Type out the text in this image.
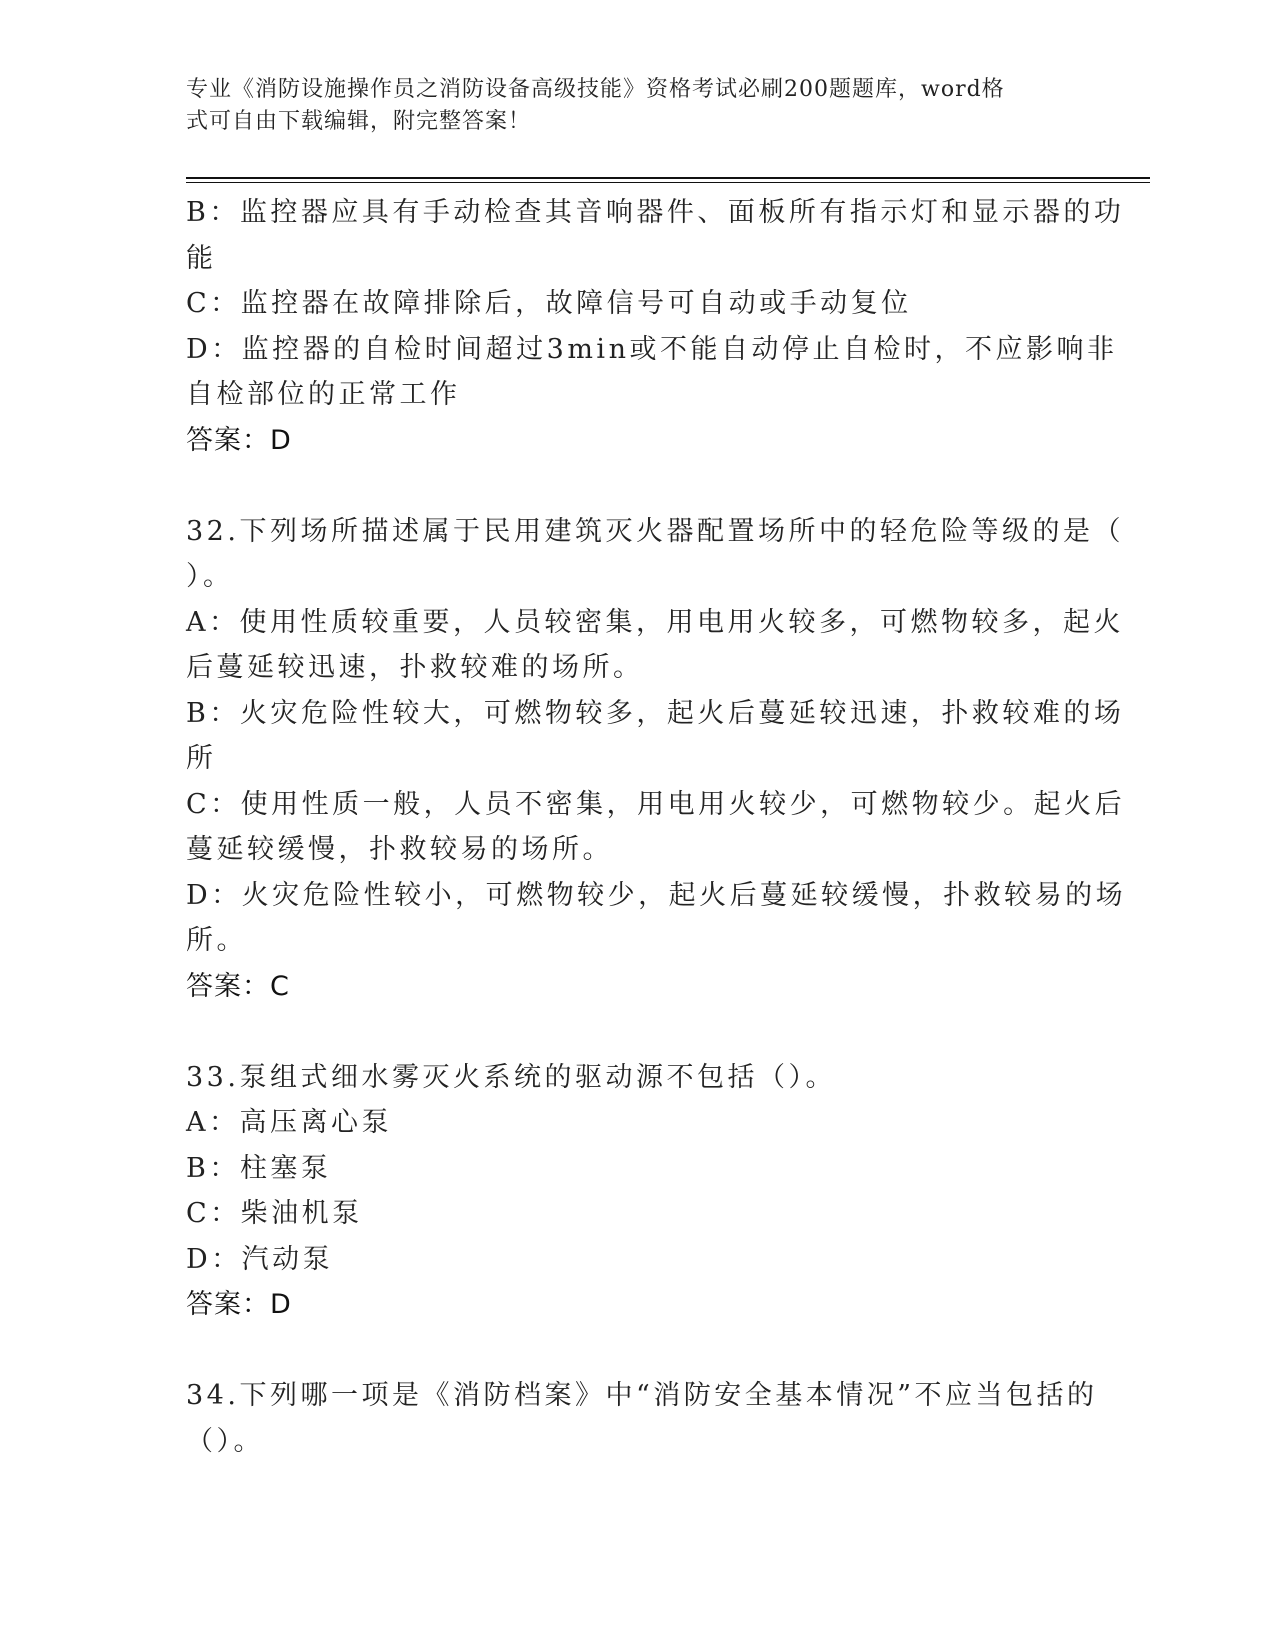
专业《消防设施操作员之消防设备高级技能》资格考试必刷200题题库，word格
式可自由下载编辑，附完整答案！
B：监控器应具有手动检查其音响器件、面板所有指示灯和显示器的功
能
C：监控器在故障排除后，故障信号可自动或手动复位
D：监控器的自检时间超过3min或不能自动停止自检时，不应影响非
自检部位的正常工作
答案：D
32.下列场所描述属于民用建筑灭火器配置场所中的轻危险等级的是（
）。
A：使用性质较重要，人员较密集，用电用火较多，可燃物较多，起火
后蔓延较迅速，扑救较难的场所。
B：火灾危险性较大，可燃物较多，起火后蔓延较迅速，扑救较难的场
所
C：使用性质一般，人员不密集，用电用火较少，可燃物较少。起火后
蔓延较缓慢，扑救较易的场所。
D：火灾危险性较小，可燃物较少，起火后蔓延较缓慢，扑救较易的场
所。
答案：C
33.泵组式细水雾灭火系统的驱动源不包括（）。
A：高压离心泵
B：柱塞泵
C：柴油机泵
D：汽动泵
答案：D
34.下列哪一项是《消防档案》中“消防安全基本情况”不应当包括的
（）。
